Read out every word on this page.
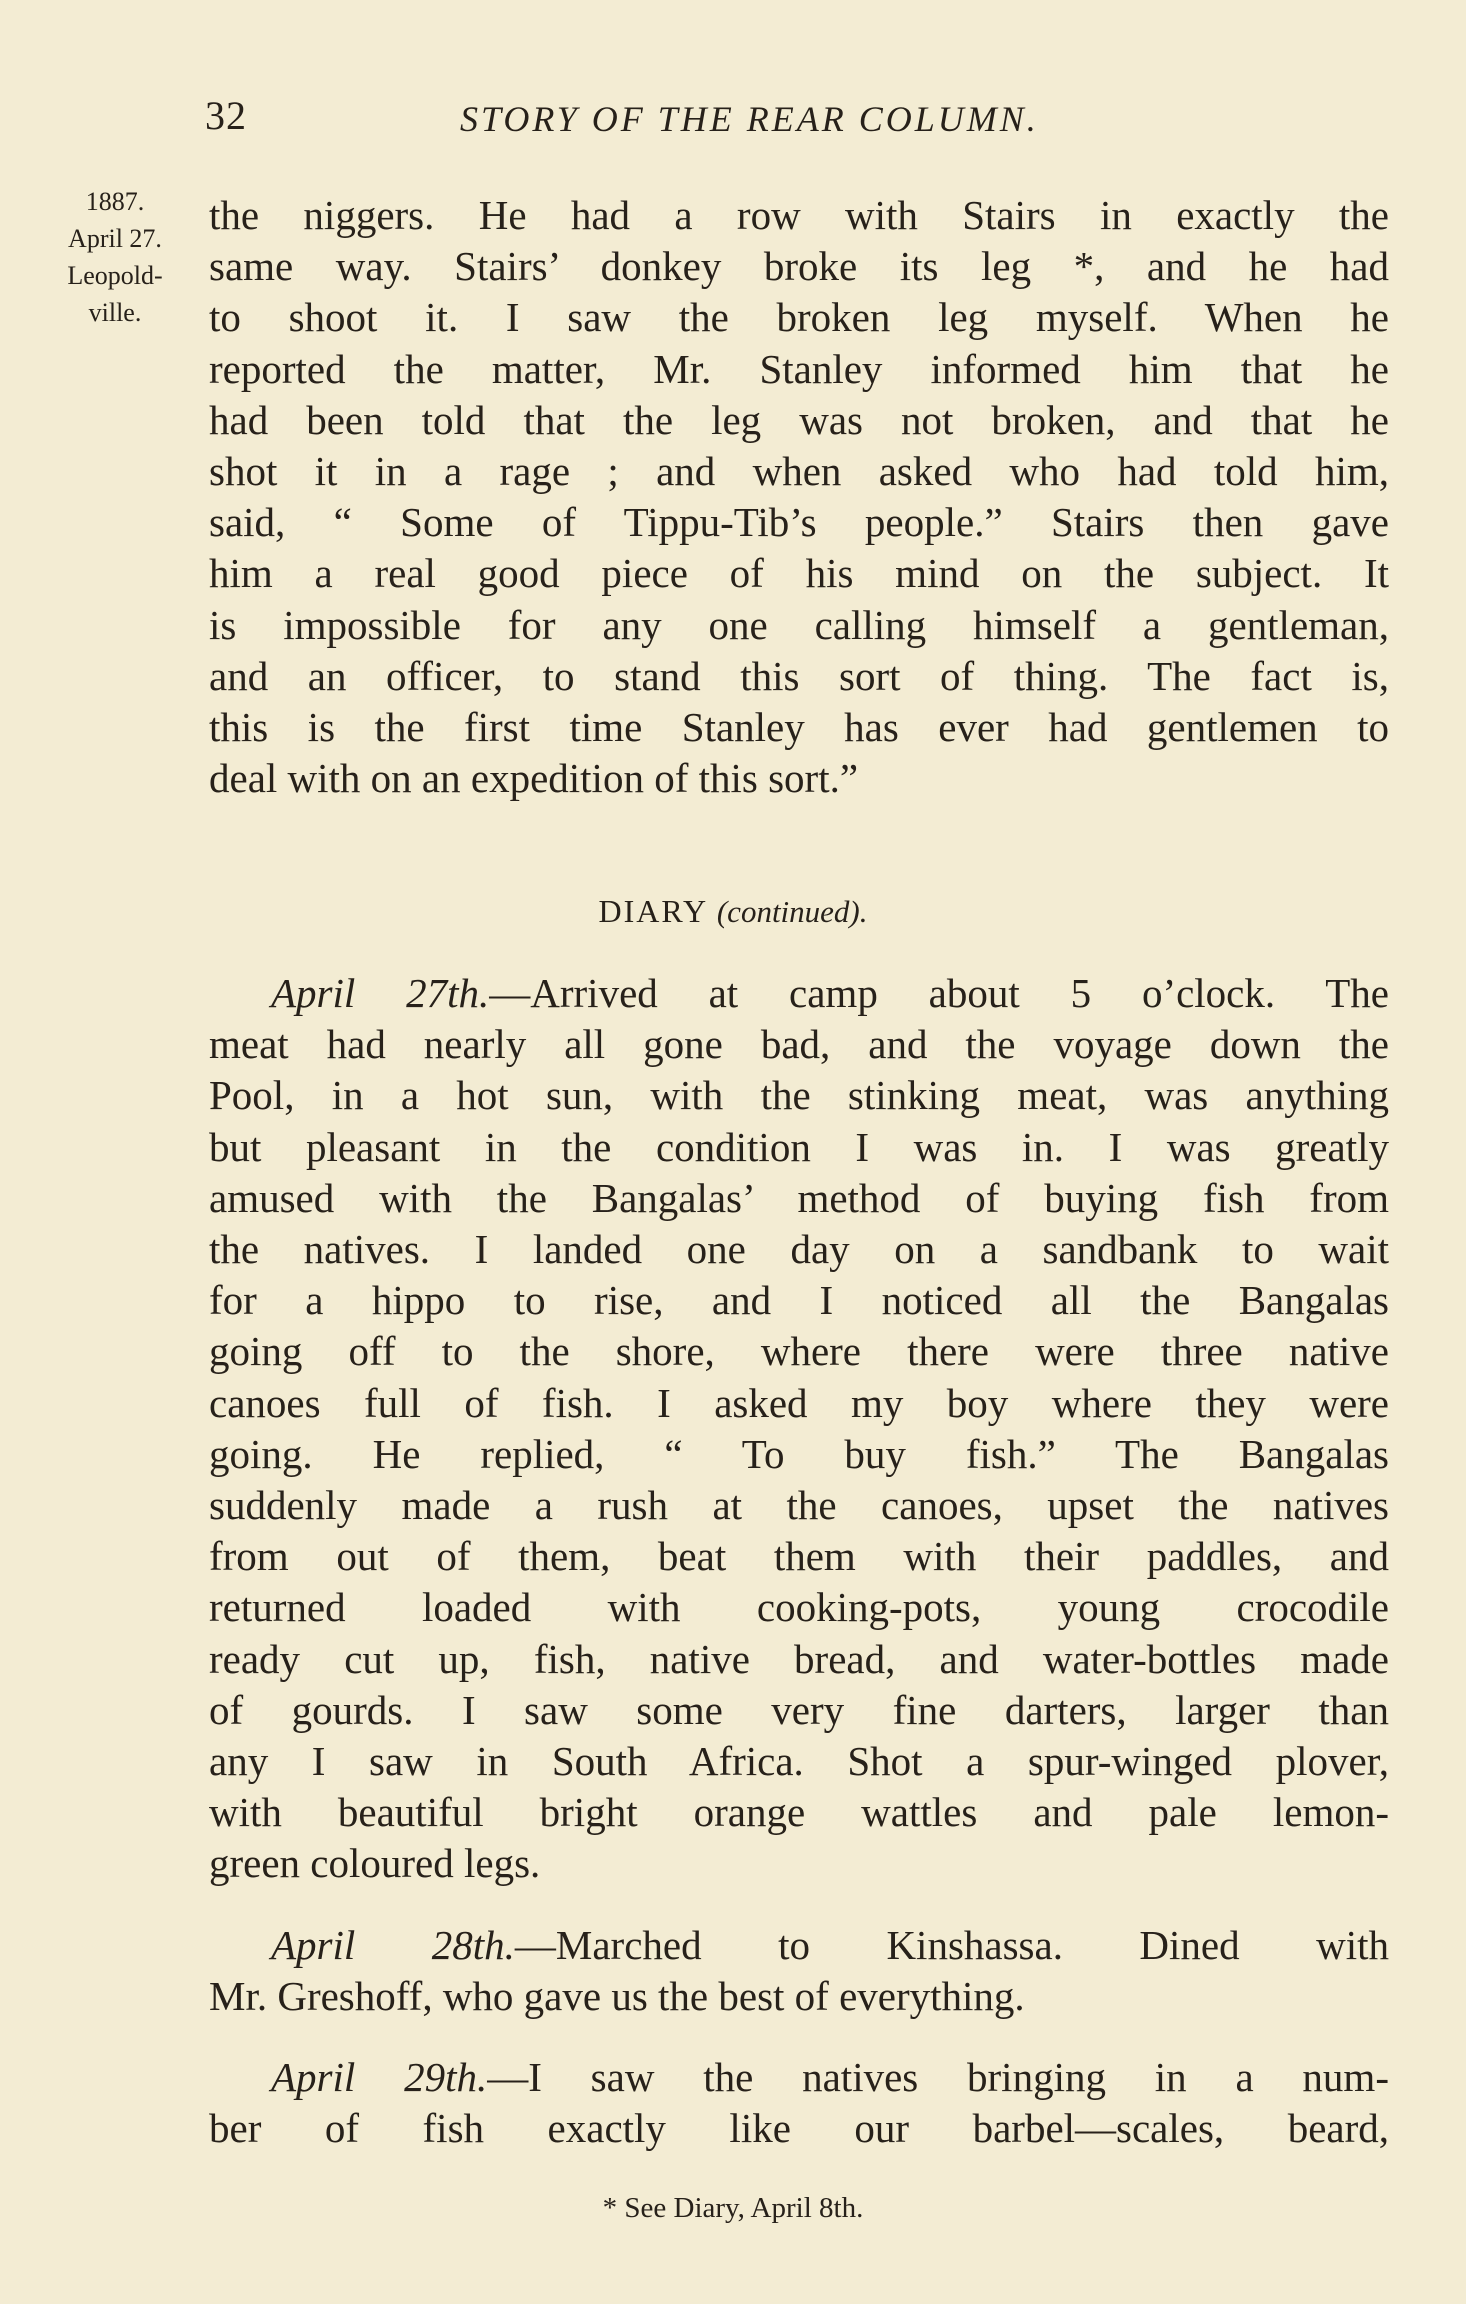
32	STORY OF THE REAR COLUMN.
1887.
April 27.
Leopold-
ville.
the niggers. He had a row with Stairs in exactly the
same way. Stairs’ donkey broke its leg *, and he had
to shoot it. I saw the broken leg myself. When he
reported the matter, Mr. Stanley informed him that he
had been told that the leg was not broken, and that he
shot it in a rage ; and when asked who had told him,
said, “ Some of Tippu-Tib’s people.” Stairs then gave
him a real good piece of his mind on the subject. It
is impossible for any one calling himself a gentleman,
and an officer, to stand this sort of thing. The fact is,
this is the first time Stanley has ever had gentlemen to
deal with on an expedition of this sort.”
DIARY (continued).
April 27th.—Arrived at camp about 5 o’clock. The
meat had nearly all gone bad, and the voyage down the
Pool, in a hot sun, with the stinking meat, was anything
but pleasant in the condition I was in. I was greatly
amused with the Bangalas’ method of buying fish from
the natives. I landed one day on a sandbank to wait
for a hippo to rise, and I noticed all the Bangalas
going off to the shore, where there were three native
canoes full of fish. I asked my boy where they were
going. He replied, “ To buy fish.” The Bangalas
suddenly made a rush at the canoes, upset the natives
from out of them, beat them with their paddles, and
returned loaded with cooking-pots, young crocodile
ready cut up, fish, native bread, and water-bottles made
of gourds. I saw some very fine darters, larger than
any I saw in South Africa. Shot a spur-winged plover,
with beautiful bright orange wattles and pale lemon-
green coloured legs.
April 28th.—Marched to Kinshassa. Dined with
Mr. Greshoff, who gave us the best of everything.
April 29th.—I saw the natives bringing in a num-
ber of fish exactly like our barbel—scales, beard,
* See Diary, April 8th.
